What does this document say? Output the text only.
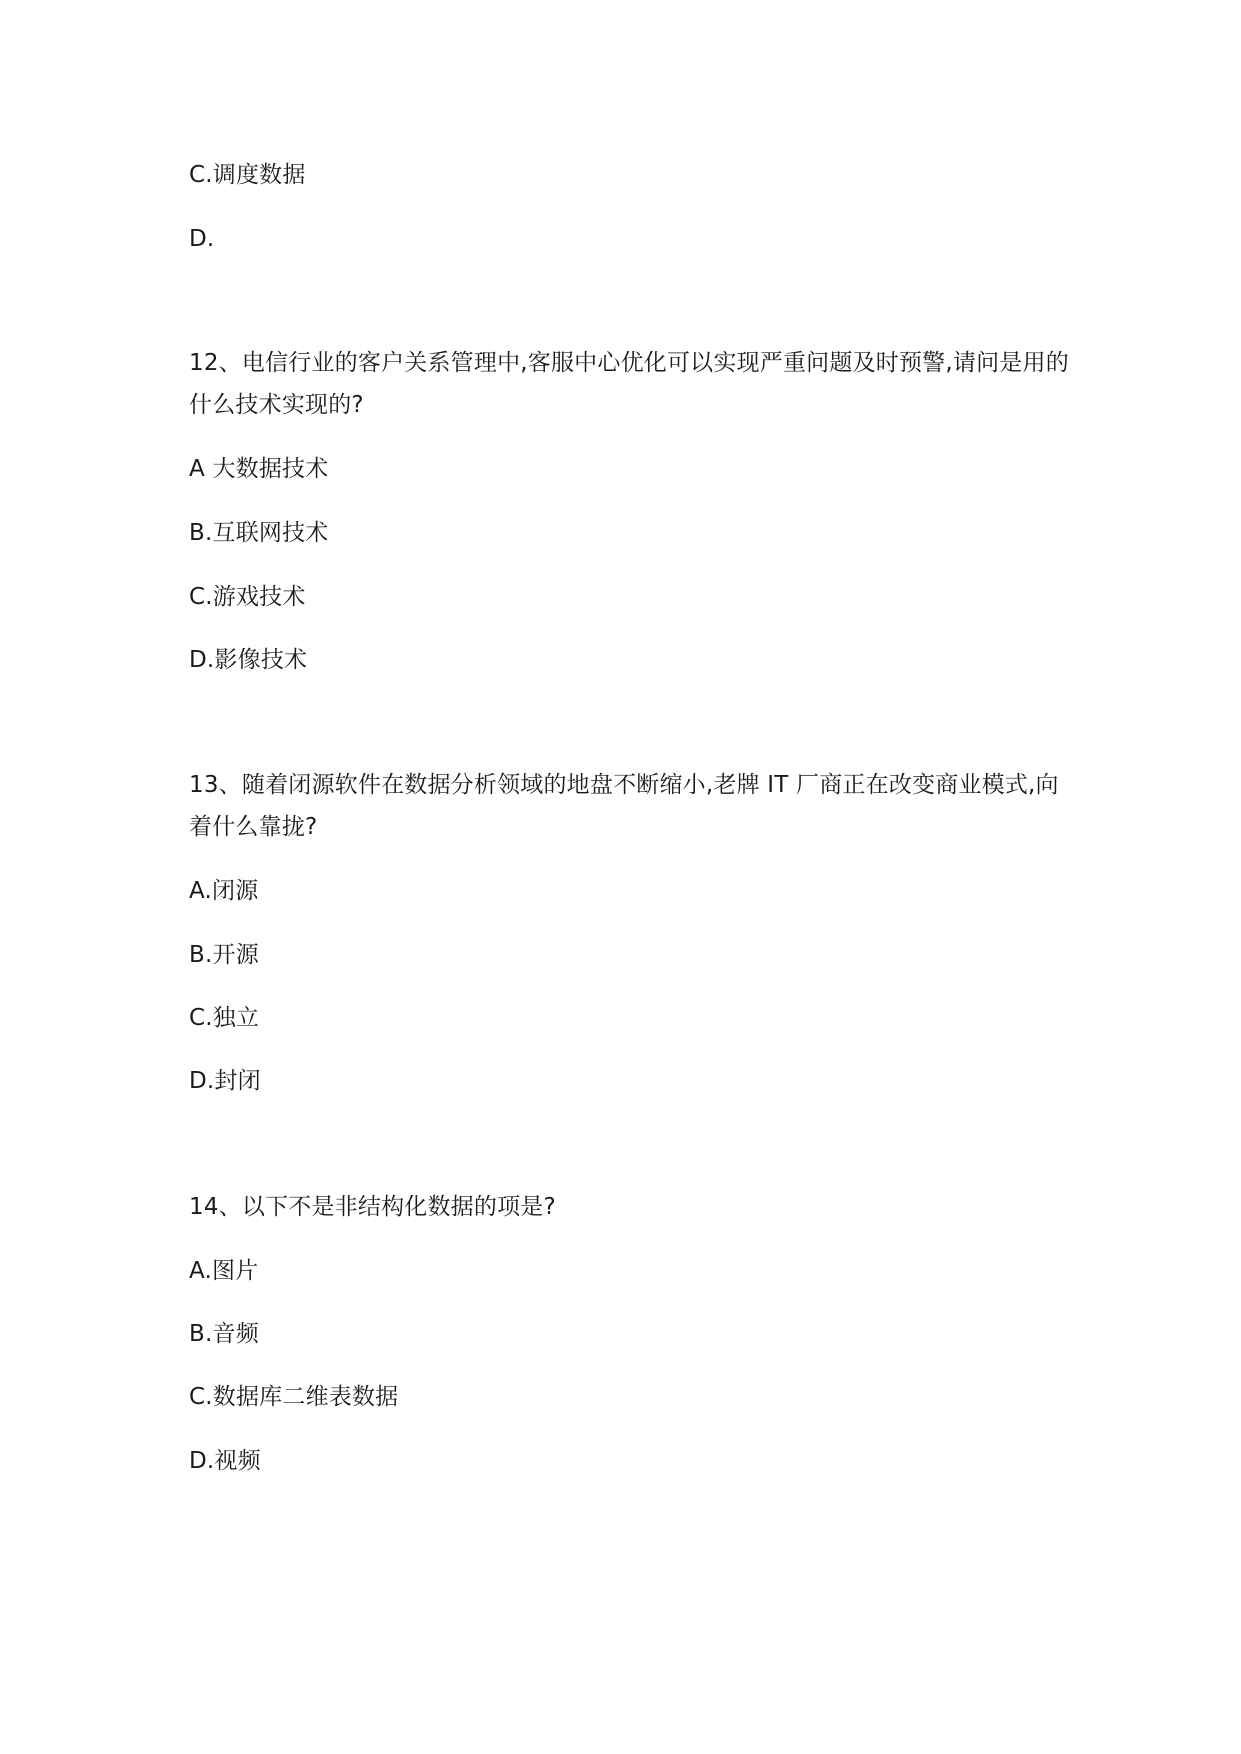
C.调度数据
D.
12、电信行业的客户关系管理中,客服中心优化可以实现严重问题及时预警,请问是用的什么技术实现的?
A 大数据技术
B.互联网技术
C.游戏技术
D.影像技术
13、随着闭源软件在数据分析领域的地盘不断缩小,老牌 IT 厂商正在改变商业模式,向着什么靠拢?
A.闭源
B.开源
C.独立
D.封闭
14、以下不是非结构化数据的项是?
A.图片
B.音频
C.数据库二维表数据
D.视频
